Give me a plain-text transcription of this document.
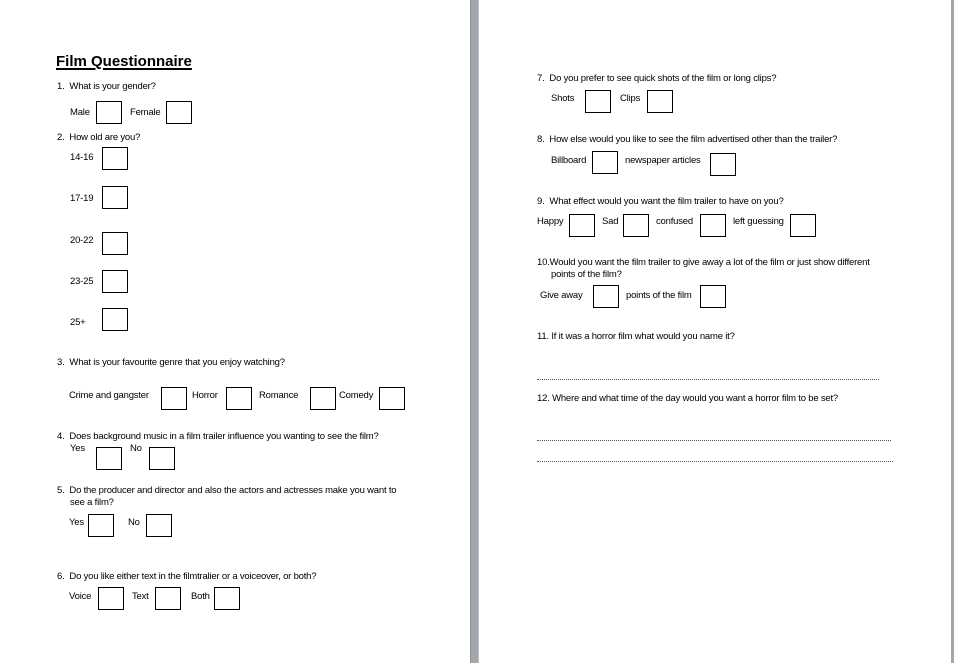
Film Questionnaire
1. What is your gender?
Male	Female
2. How old are you?
14-16
17-19
20-22
23-25
25+
3. What is your favourite genre that you enjoy watching?
Crime and gangster	Horror	Romance	Comedy
4. Does background music in a film trailer influence you wanting to see the film?
Yes	No
5. Do the producer and director and also the actors and actresses make you want to
see a film?
Yes	No
6. Do you like either text in the filmtralier or a voiceover, or both?
Voice	Text	Both
7. Do you prefer to see quick shots of the film or long clips?
Shots	Clips
8. How else would you like to see the film advertised other than the trailer?
Billboard	newspaper articles
9. What effect would you want the film trailer to have on you?
Happy	Sad	confused	left guessing
10.Would you want the film trailer to give away a lot of the film or just show different
points of the film?
Give away	points of the film
11. If it was a horror film what would you name it?
12. Where and what time of the day would you want a horror film to be set?
